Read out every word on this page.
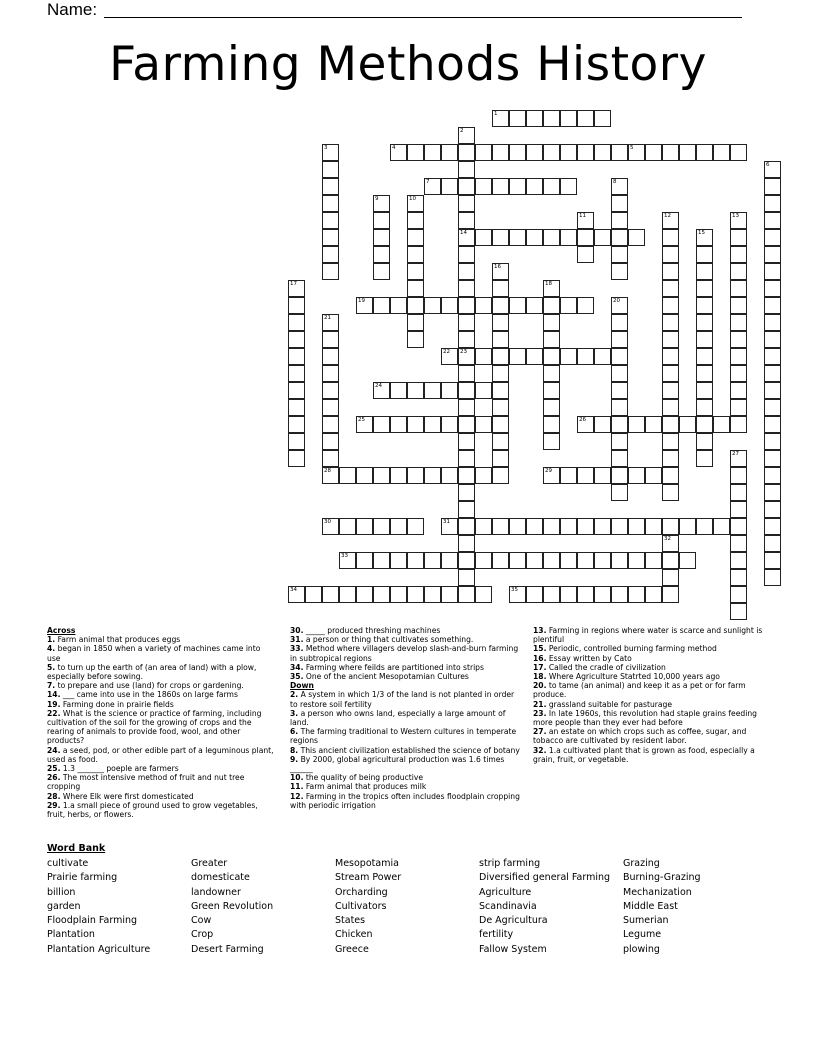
Name:
Farming Methods History
1
2
14
23
3	4	5
6
7	8
9	10
11	12	13
15
16
17	18
19	20
21
28
22
24
25	26
27
29
30	31
32
33
34	35
Across
1. Farm animal that produces eggs
4. began in 1850 when a variety of machines came into use
5. to turn up the earth of (an area of land) with a plow, especially before sowing.
7. to prepare and use (land) for crops or gardening.
14. ___ came into use in the 1860s on large farms
19. Farming done in prairie fields
22. What is the science or practice of farming, including cultivation of the soil for the growing of crops and the rearing of animals to provide food, wool, and other products?
24. a seed, pod, or other edible part of a leguminous plant, used as food.
25. 1.3 _______ poeple are farmers
26. The most intensive method of fruit and nut tree cropping
28. Where Elk were first domesticated
29. 1.a small piece of ground used to grow vegetables, fruit, herbs, or flowers.
30. _____ produced threshing machines
31. a person or thing that cultivates something.
33. Method where villagers develop slash-and-burn farming in subtropical regions
34. Farming where feilds are partitioned into strips
35. One of the ancient Mesopotamian Cultures
Down
2. A system in which 1/3 of the land is not planted in order to restore soil fertility
3. a person who owns land, especially a large amount of land.
6. The farming traditional to Western cultures in temperate regions
8. This ancient civilization established the science of botany
9. By 2000, global agricultural production was 1.6 times ______
10. the quality of being productive
11. Farm animal that produces milk
12. Farming in the tropics often includes floodplain cropping with periodic irrigation
13. Farming in regions where water is scarce and sunlight is plentiful
15. Periodic, controlled burning farming method
16. Essay written by Cato
17. Called the cradle of civilization
18. Where Agriculture Statrted 10,000 years ago
20. to tame (an animal) and keep it as a pet or for farm produce.
21. grassland suitable for pasturage
23. In late 1960s, this revolution had staple grains feeding more people than they ever had before
27. an estate on which crops such as coffee, sugar, and tobacco are cultivated by resident labor.
32. 1.a cultivated plant that is grown as food, especially a grain, fruit, or vegetable.
Word Bank
cultivate	Greater	Mesopotamia	strip farming	Grazing
Prairie farming	domesticate	Stream Power	Diversified general Farming	Burning-Grazing
billion	landowner	Orcharding	Agriculture	Mechanization
garden	Green Revolution	Cultivators	Scandinavia	Middle East
Floodplain Farming	Cow	States	De Agricultura	Sumerian
Plantation	Crop	Chicken	fertility	Legume
Plantation Agriculture	Desert Farming	Greece	Fallow System	plowing
